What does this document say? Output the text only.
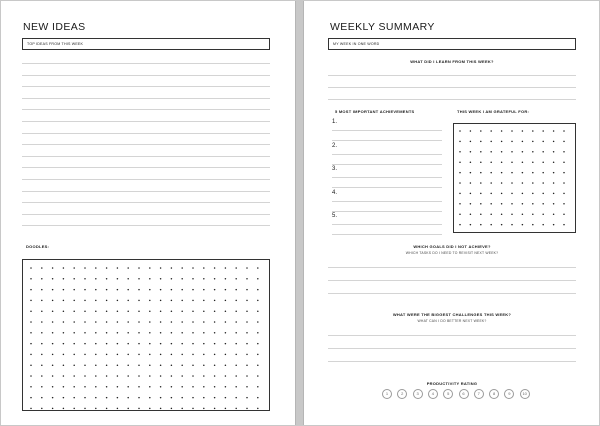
NEW IDEAS
TOP IDEAS FROM THIS WEEK
DOODLES:
WEEKLY SUMMARY
MY WEEK IN ONE WORD
WHAT DID I LEARN FROM THIS WEEK?
5 MOST IMPORTANT ACHIEVEMENTS
1.
2.
3.
4.
5.
THIS WEEK I AM GRATEFUL FOR:
WHICH GOALS DID I NOT ACHIEVE?
WHICH TASKS DO I NEED TO REVISIT NEXT WEEK?
WHAT WERE THE BIGGEST CHALLENGES THIS WEEK?
WHAT CAN I DO BETTER NEXT WEEK?
PRODUCTIVITY RATING
1	2	3	4	5	6	7	8	9	10
